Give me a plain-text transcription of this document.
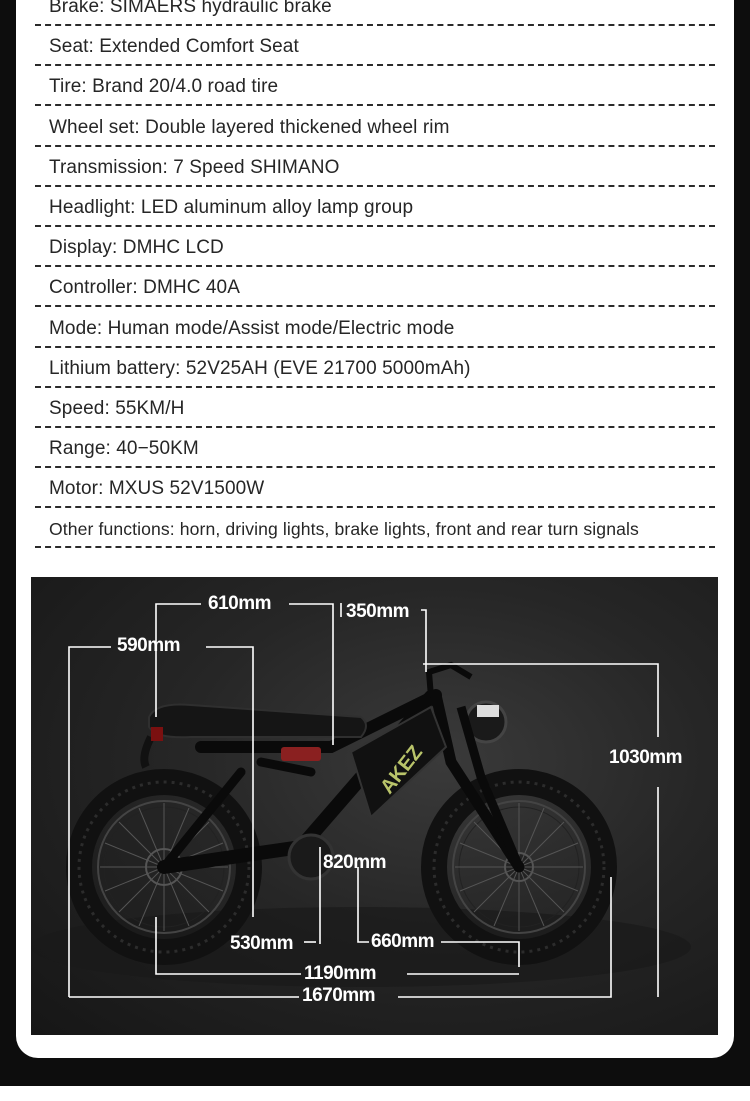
Brake: SIMAERS hydraulic brake
Seat: Extended Comfort Seat
Tire: Brand 20/4.0 road tire
Wheel set: Double layered thickened wheel rim
Transmission: 7 Speed SHIMANO
Headlight: LED aluminum alloy lamp group
Display: DMHC LCD
Controller: DMHC 40A
Mode: Human mode/Assist mode/Electric mode
Lithium battery: 52V25AH (EVE 21700 5000mAh)
Speed: 55KM/H
Range: 40−50KM
Motor: MXUS 52V1500W
Other functions: horn, driving lights, brake lights, front and rear turn signals
AKEZ
610mm	350mm
590mm
1030mm
820mm
530mm	660mm
1190mm
1670mm
